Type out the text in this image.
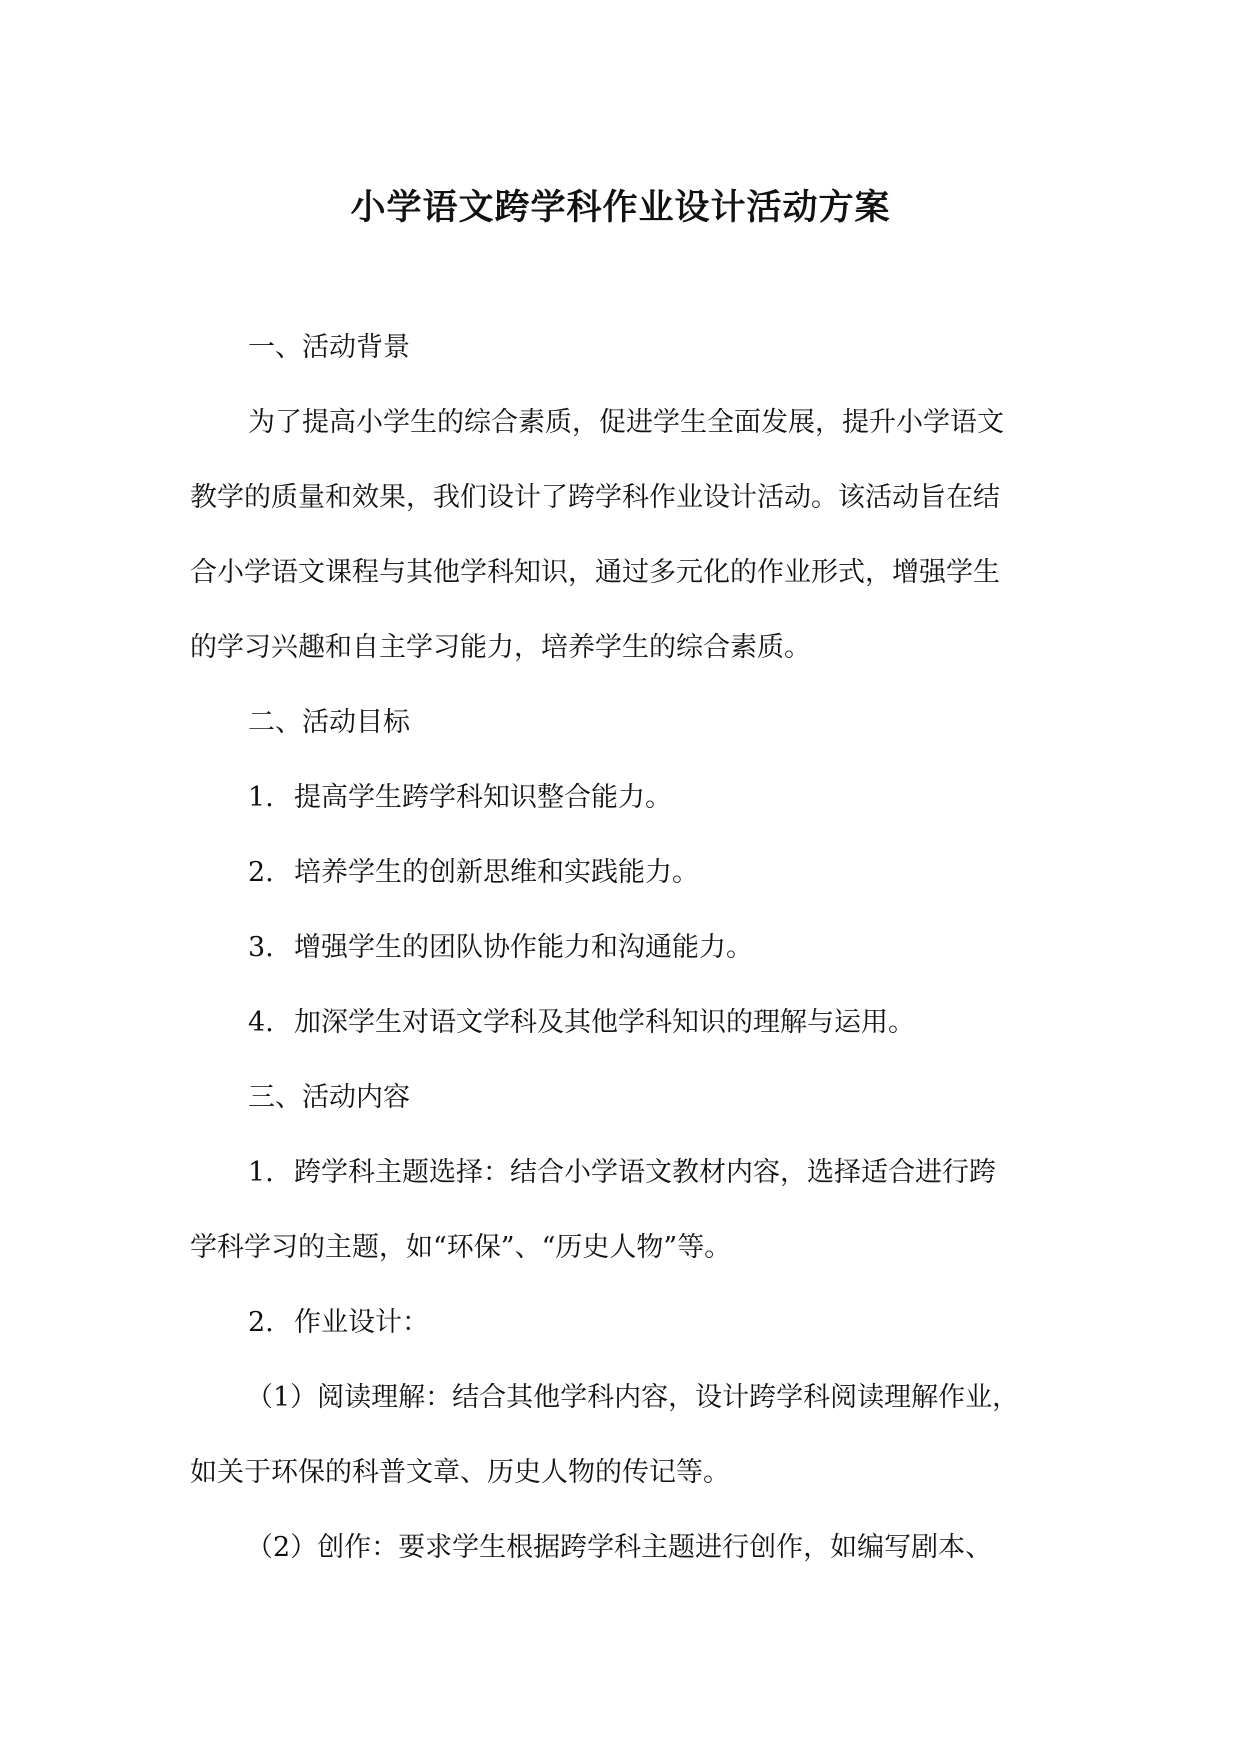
小学语文跨学科作业设计活动方案

一、活动背景

为了提高小学生的综合素质，促进学生全面发展，提升小学语文

教学的质量和效果，我们设计了跨学科作业设计活动。该活动旨在结

合小学语文课程与其他学科知识，通过多元化的作业形式，增强学生

的学习兴趣和自主学习能力，培养学生的综合素质。

二、活动目标

1. 提高学生跨学科知识整合能力。

2. 培养学生的创新思维和实践能力。

3. 增强学生的团队协作能力和沟通能力。

4. 加深学生对语文学科及其他学科知识的理解与运用。

三、活动内容

1. 跨学科主题选择：结合小学语文教材内容，选择适合进行跨

学科学习的主题，如“环保”、“历史人物”等。

2. 作业设计：

（1）阅读理解：结合其他学科内容，设计跨学科阅读理解作业，

如关于环保的科普文章、历史人物的传记等。

（2）创作：要求学生根据跨学科主题进行创作，如编写剧本、
